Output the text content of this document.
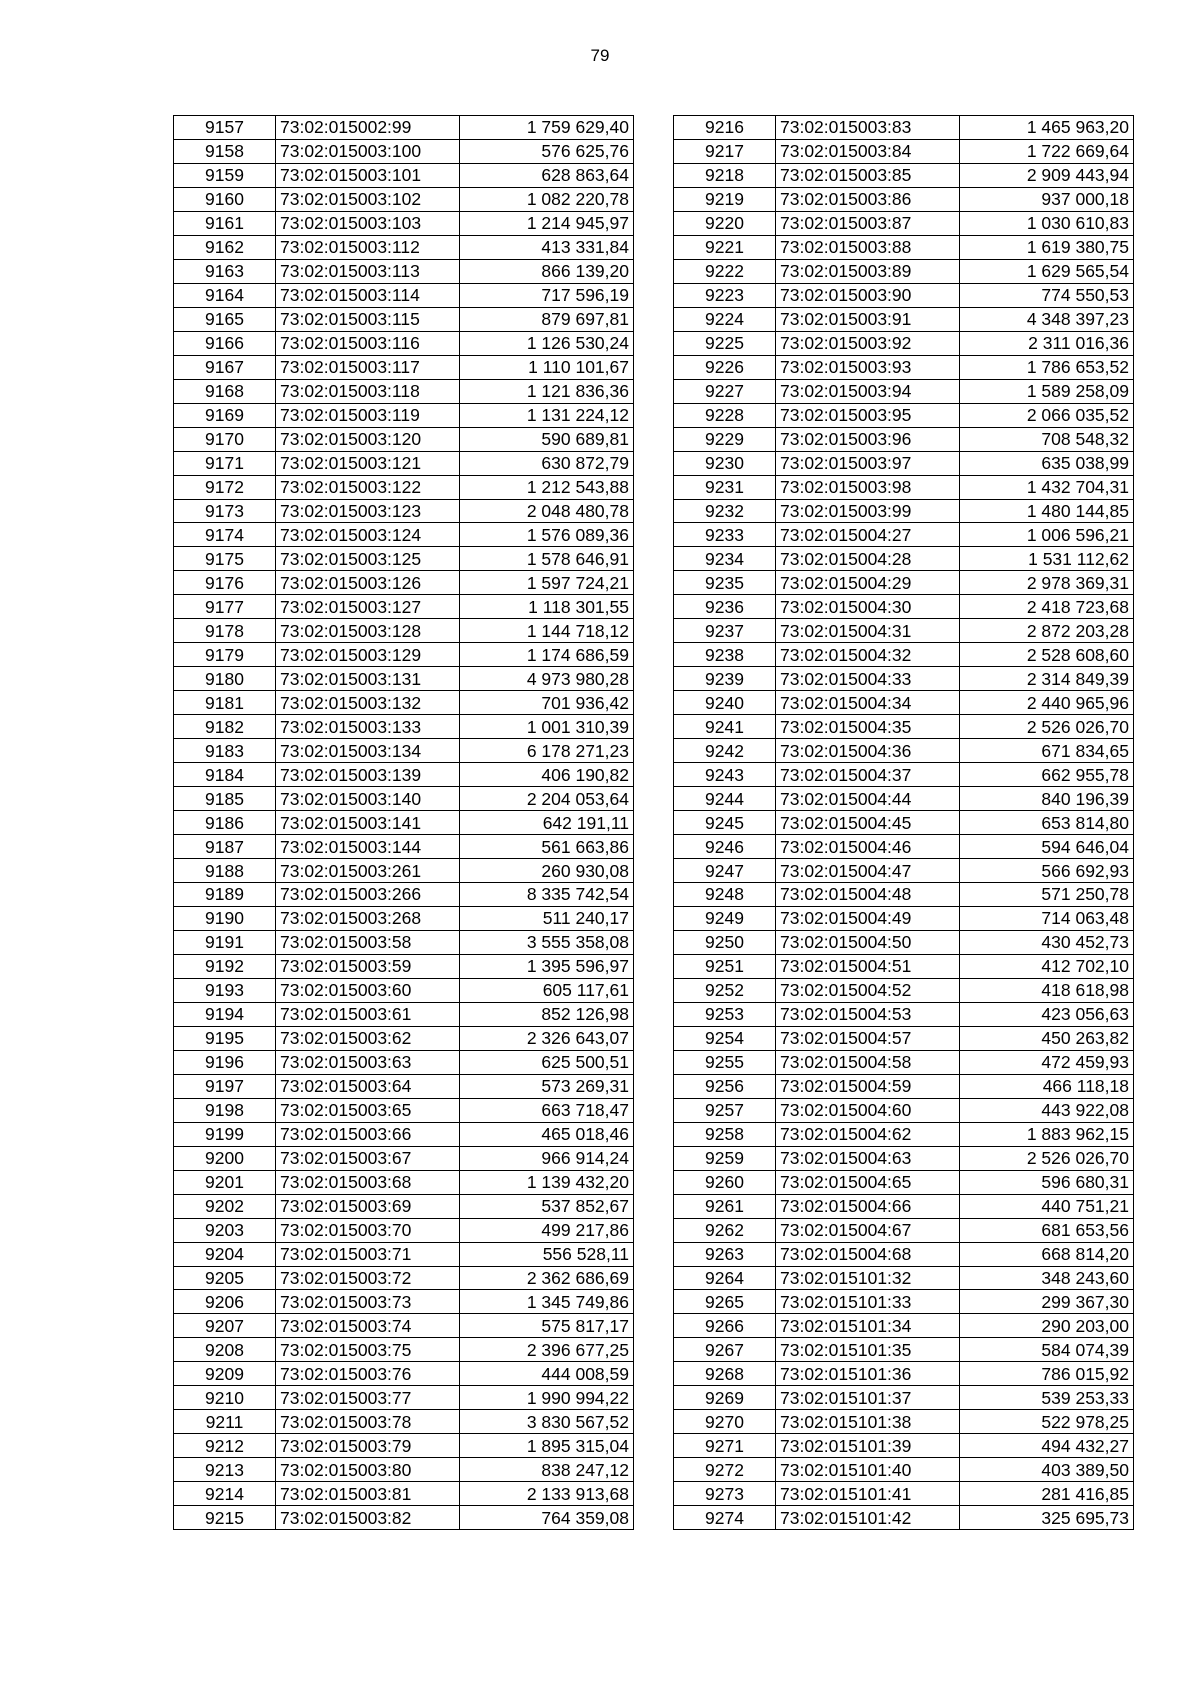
79
9157	73:02:015002:99	1 759 629,40
9158	73:02:015003:100	576 625,76
9159	73:02:015003:101	628 863,64
9160	73:02:015003:102	1 082 220,78
9161	73:02:015003:103	1 214 945,97
9162	73:02:015003:112	413 331,84
9163	73:02:015003:113	866 139,20
9164	73:02:015003:114	717 596,19
9165	73:02:015003:115	879 697,81
9166	73:02:015003:116	1 126 530,24
9167	73:02:015003:117	1 110 101,67
9168	73:02:015003:118	1 121 836,36
9169	73:02:015003:119	1 131 224,12
9170	73:02:015003:120	590 689,81
9171	73:02:015003:121	630 872,79
9172	73:02:015003:122	1 212 543,88
9173	73:02:015003:123	2 048 480,78
9174	73:02:015003:124	1 576 089,36
9175	73:02:015003:125	1 578 646,91
9176	73:02:015003:126	1 597 724,21
9177	73:02:015003:127	1 118 301,55
9178	73:02:015003:128	1 144 718,12
9179	73:02:015003:129	1 174 686,59
9180	73:02:015003:131	4 973 980,28
9181	73:02:015003:132	701 936,42
9182	73:02:015003:133	1 001 310,39
9183	73:02:015003:134	6 178 271,23
9184	73:02:015003:139	406 190,82
9185	73:02:015003:140	2 204 053,64
9186	73:02:015003:141	642 191,11
9187	73:02:015003:144	561 663,86
9188	73:02:015003:261	260 930,08
9189	73:02:015003:266	8 335 742,54
9190	73:02:015003:268	511 240,17
9191	73:02:015003:58	3 555 358,08
9192	73:02:015003:59	1 395 596,97
9193	73:02:015003:60	605 117,61
9194	73:02:015003:61	852 126,98
9195	73:02:015003:62	2 326 643,07
9196	73:02:015003:63	625 500,51
9197	73:02:015003:64	573 269,31
9198	73:02:015003:65	663 718,47
9199	73:02:015003:66	465 018,46
9200	73:02:015003:67	966 914,24
9201	73:02:015003:68	1 139 432,20
9202	73:02:015003:69	537 852,67
9203	73:02:015003:70	499 217,86
9204	73:02:015003:71	556 528,11
9205	73:02:015003:72	2 362 686,69
9206	73:02:015003:73	1 345 749,86
9207	73:02:015003:74	575 817,17
9208	73:02:015003:75	2 396 677,25
9209	73:02:015003:76	444 008,59
9210	73:02:015003:77	1 990 994,22
9211	73:02:015003:78	3 830 567,52
9212	73:02:015003:79	1 895 315,04
9213	73:02:015003:80	838 247,12
9214	73:02:015003:81	2 133 913,68
9215	73:02:015003:82	764 359,08
9216	73:02:015003:83	1 465 963,20
9217	73:02:015003:84	1 722 669,64
9218	73:02:015003:85	2 909 443,94
9219	73:02:015003:86	937 000,18
9220	73:02:015003:87	1 030 610,83
9221	73:02:015003:88	1 619 380,75
9222	73:02:015003:89	1 629 565,54
9223	73:02:015003:90	774 550,53
9224	73:02:015003:91	4 348 397,23
9225	73:02:015003:92	2 311 016,36
9226	73:02:015003:93	1 786 653,52
9227	73:02:015003:94	1 589 258,09
9228	73:02:015003:95	2 066 035,52
9229	73:02:015003:96	708 548,32
9230	73:02:015003:97	635 038,99
9231	73:02:015003:98	1 432 704,31
9232	73:02:015003:99	1 480 144,85
9233	73:02:015004:27	1 006 596,21
9234	73:02:015004:28	1 531 112,62
9235	73:02:015004:29	2 978 369,31
9236	73:02:015004:30	2 418 723,68
9237	73:02:015004:31	2 872 203,28
9238	73:02:015004:32	2 528 608,60
9239	73:02:015004:33	2 314 849,39
9240	73:02:015004:34	2 440 965,96
9241	73:02:015004:35	2 526 026,70
9242	73:02:015004:36	671 834,65
9243	73:02:015004:37	662 955,78
9244	73:02:015004:44	840 196,39
9245	73:02:015004:45	653 814,80
9246	73:02:015004:46	594 646,04
9247	73:02:015004:47	566 692,93
9248	73:02:015004:48	571 250,78
9249	73:02:015004:49	714 063,48
9250	73:02:015004:50	430 452,73
9251	73:02:015004:51	412 702,10
9252	73:02:015004:52	418 618,98
9253	73:02:015004:53	423 056,63
9254	73:02:015004:57	450 263,82
9255	73:02:015004:58	472 459,93
9256	73:02:015004:59	466 118,18
9257	73:02:015004:60	443 922,08
9258	73:02:015004:62	1 883 962,15
9259	73:02:015004:63	2 526 026,70
9260	73:02:015004:65	596 680,31
9261	73:02:015004:66	440 751,21
9262	73:02:015004:67	681 653,56
9263	73:02:015004:68	668 814,20
9264	73:02:015101:32	348 243,60
9265	73:02:015101:33	299 367,30
9266	73:02:015101:34	290 203,00
9267	73:02:015101:35	584 074,39
9268	73:02:015101:36	786 015,92
9269	73:02:015101:37	539 253,33
9270	73:02:015101:38	522 978,25
9271	73:02:015101:39	494 432,27
9272	73:02:015101:40	403 389,50
9273	73:02:015101:41	281 416,85
9274	73:02:015101:42	325 695,73
